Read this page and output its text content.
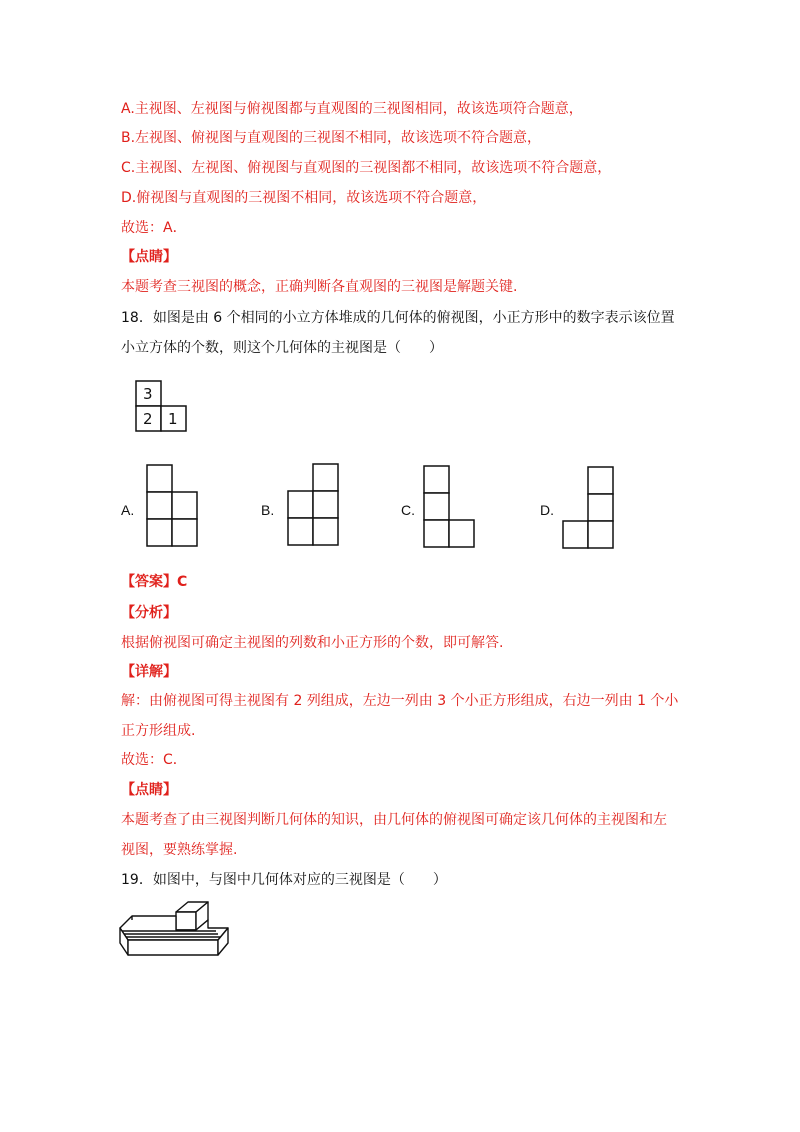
A.主视图、左视图与俯视图都与直观图的三视图相同，故该选项符合题意，
B.左视图、俯视图与直观图的三视图不相同，故该选项不符合题意，
C.主视图、左视图、俯视图与直观图的三视图都不相同，故该选项不符合题意，
D.俯视图与直观图的三视图不相同，故该选项不符合题意，
故选：A．
【点睛】
本题考查三视图的概念，正确判断各直观图的三视图是解题关键.
18．如图是由 6 个相同的小立方体堆成的几何体的俯视图，小正方形中的数字表示该位置
小立方体的个数，则这个几何体的主视图是（　　）
3
2 1
A.	B.	C.	D.
【答案】C
【分析】
根据俯视图可确定主视图的列数和小正方形的个数，即可解答.
【详解】
解：由俯视图可得主视图有 2 列组成，左边一列由 3 个小正方形组成，右边一列由 1 个小
正方形组成.
故选：C．
【点睛】
本题考查了由三视图判断几何体的知识，由几何体的俯视图可确定该几何体的主视图和左
视图，要熟练掌握.
19．如图中，与图中几何体对应的三视图是（　　）
